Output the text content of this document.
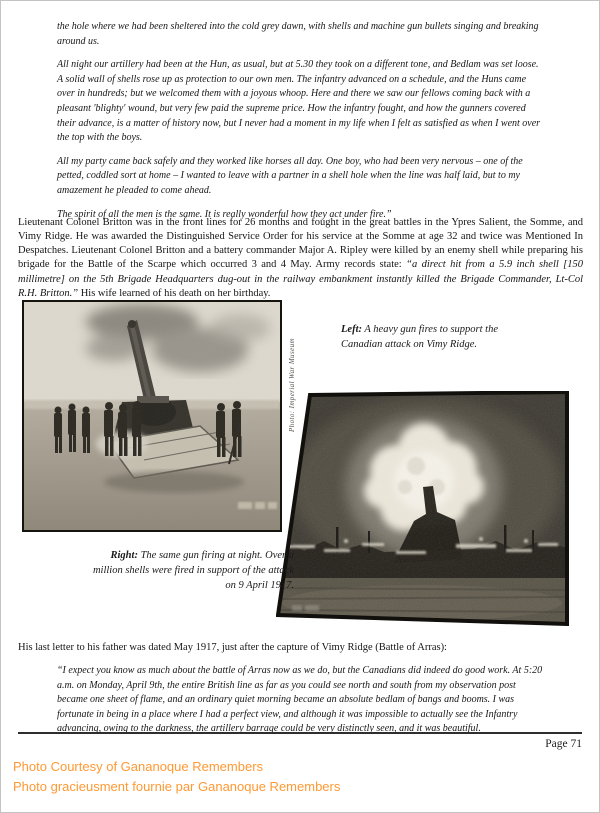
the hole where we had been sheltered into the cold grey dawn, with shells and machine gun bullets singing and breaking around us.

All night our artillery had been at the Hun, as usual, but at 5.30 they took on a different tone, and Bedlam was set loose. A solid wall of shells rose up as protection to our own men. The infantry advanced on a schedule, and the Huns came over in hundreds; but we welcomed them with a joyous whoop. Here and there we saw our fellows coming back with a pleasant 'blighty' wound, but very few paid the supreme price. How the infantry fought, and how the gunners covered their advance, is a matter of history now, but I never had a moment in my life when I felt as satisfied as when I went over the top with the boys.

All my party came back safely and they worked like horses all day. One boy, who had been very nervous – one of the petted, coddled sort at home – I wanted to leave with a partner in a shell hole when the line was half laid, but to my amazement he pleaded to come ahead.

The spirit of all the men is the same. It is really wonderful how they act under fire.”

Lieutenant Colonel Britton was in the front lines for 26 months and fought in the great battles in the Ypres Salient, the Somme, and Vimy Ridge. He was awarded the Distinguished Service Order for his service at the Somme at age 32 and twice was Mentioned In Despatches. Lieutenant Colonel Britton and a battery commander Major A. Ripley were killed by an enemy shell while preparing his brigade for the Battle of the Scarpe which occurred 3 and 4 May. Army records state: “a direct hit from a 5.9 inch shell [150 millimetre] on the 5th Brigade Headquarters dug-out in the railway embankment instantly killed the Brigade Commander, Lt-Col R.H. Britton.” His wife learned of his death on her birthday.

Photo: Imperial War Museum

Left: A heavy gun fires to support the Canadian attack on Vimy Ridge.

Right: The same gun firing at night. Over a million shells were fired in support of the attack on 9 April 1917.

His last letter to his father was dated May 1917, just after the capture of Vimy Ridge (Battle of Arras):

“I expect you know as much about the battle of Arras now as we do, but the Canadians did indeed do good work. At 5:20 a.m. on Monday, April 9th, the entire British line as far as you could see north and south from my observation post became one sheet of flame, and an ordinary quiet morning became an absolute bedlam of bangs and booms. I was fortunate in being in a place where I had a perfect view, and although it was impossible to actually see the Infantry advancing, owing to the darkness, the artillery barrage could be very distinctly seen, and it was beautiful.

Page 71
Photo Courtesy of Gananoque Remembers
Photo gracieusment fournie par Gananoque Remembers
